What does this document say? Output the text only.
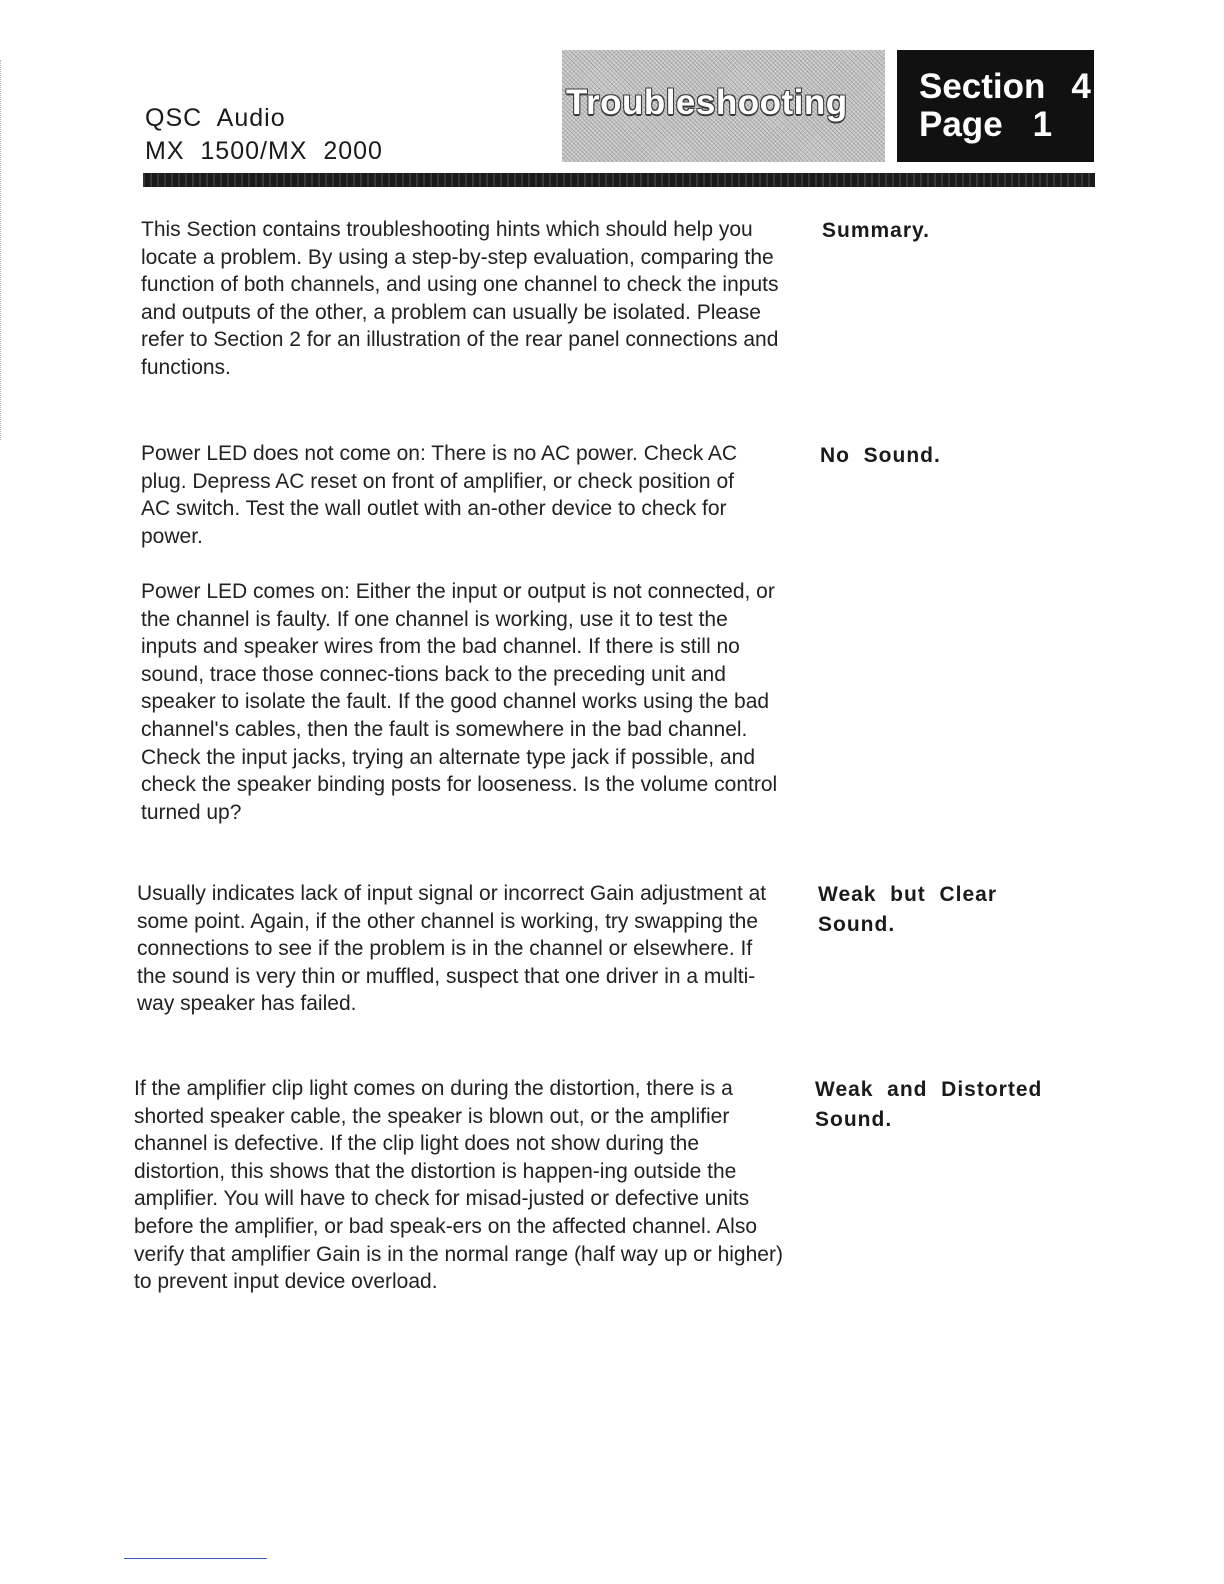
QSC  Audio
MX  1500/MX  2000
Troubleshooting Section 4
Page 1
This Section contains troubleshooting hints which should help you locate a problem. By using a step-by-step evaluation, comparing the function of both channels, and using one channel to check the inputs and outputs of the other, a problem can usually be isolated. Please refer to Section 2 for an illustration of the rear panel connections and functions.
Summary.
Power LED does not come on: There is no AC power. Check AC plug. Depress AC reset on front of amplifier, or check position of AC switch. Test the wall outlet with an-other device to check for power.
No  Sound.
Power LED comes on: Either the input or output is not connected, or the channel is faulty. If one channel is working, use it to test the inputs and speaker wires from the bad channel. If there is still no sound, trace those connec-tions back to the preceding unit and speaker to isolate the fault. If the good channel works using the bad channel's cables, then the fault is somewhere in the bad channel. Check the input jacks, trying an alternate type jack if possible, and check the speaker binding posts for looseness. Is the volume control turned up?
Usually indicates lack of input signal or incorrect Gain adjustment at some point. Again, if the other channel is working, try swapping the connections to see if the problem is in the channel or elsewhere. If the sound is very thin or muffled, suspect that one driver in a multi-way speaker has failed.
Weak  but  Clear
Sound.
If the amplifier clip light comes on during the distortion, there is a shorted speaker cable, the speaker is blown out, or the amplifier channel is defective. If the clip light does not show during the distortion, this shows that the distortion is happen-ing outside the amplifier. You will have to check for misad-justed or defective units before the amplifier, or bad speak-ers on the affected channel. Also verify that amplifier Gain is in the normal range (half way up or higher) to prevent input device overload.
Weak  and  Distorted
Sound.
